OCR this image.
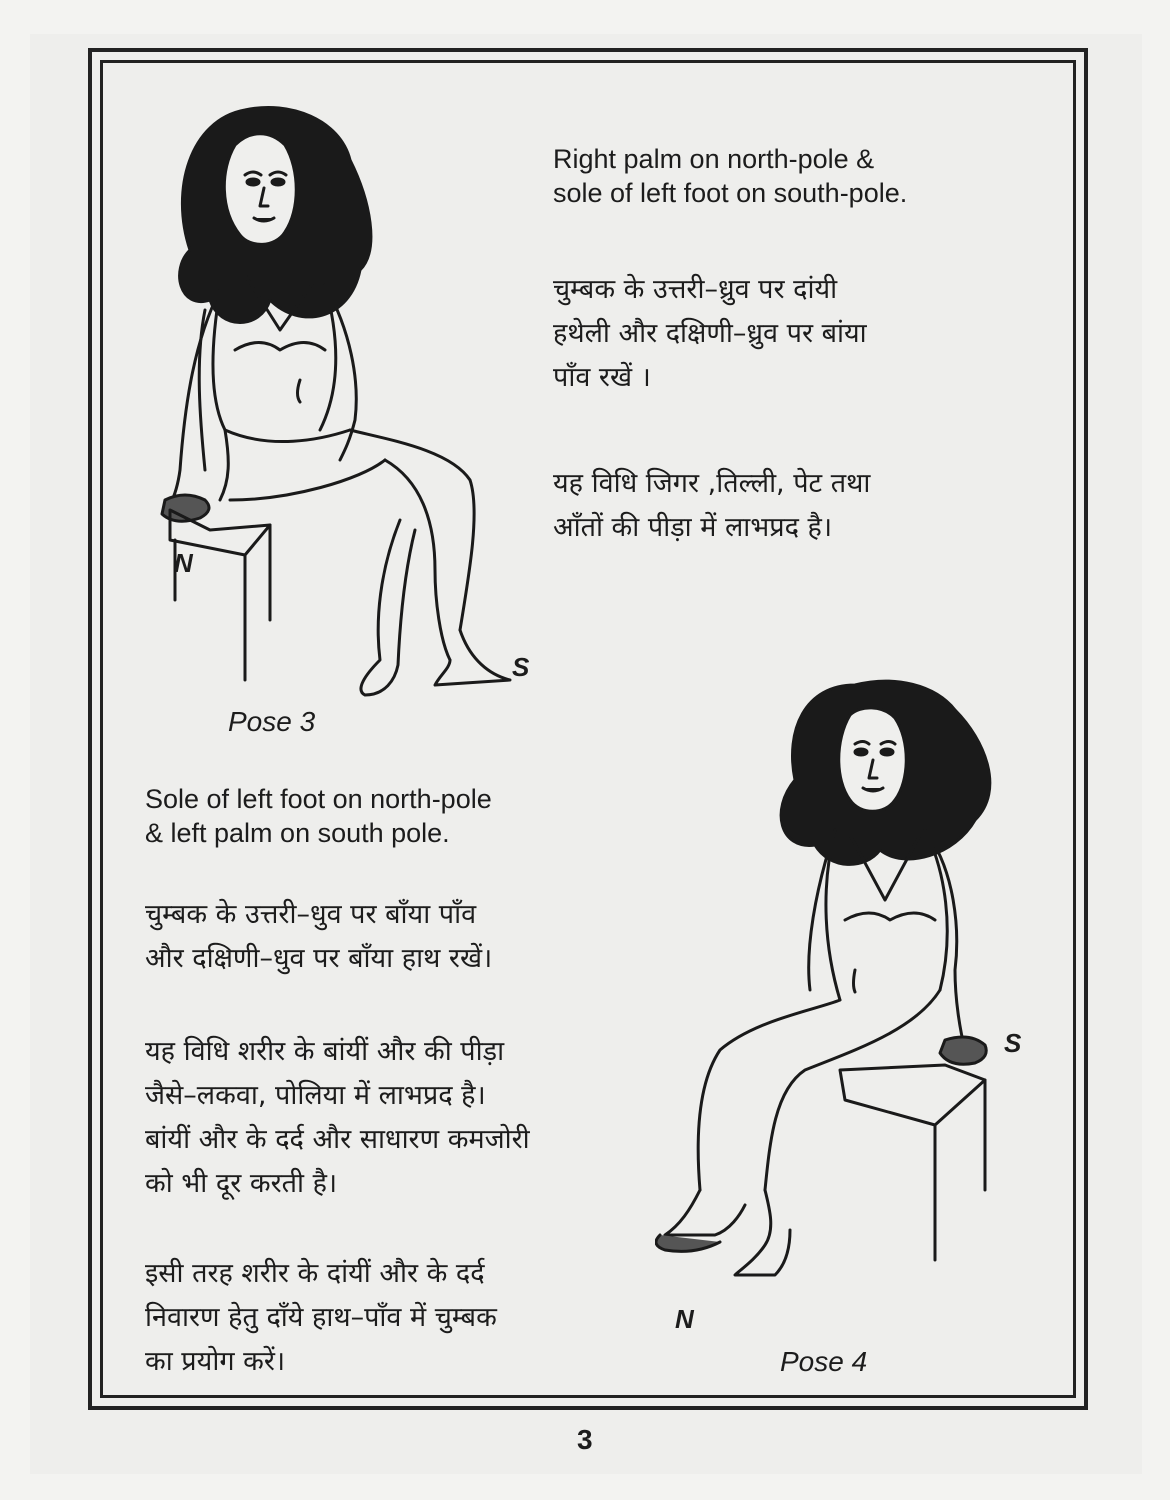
N
S
Pose 3
Right palm on north-pole &
sole of left foot on south-pole.
चुम्बक के उत्तरी–ध्रुव पर दांयी
हथेली और दक्षिणी–ध्रुव पर बांया
पाँव रखें ।
यह विधि जिगर ,तिल्ली, पेट तथा
आँतों की पीड़ा में लाभप्रद है।
Sole of left foot on north-pole
& left palm on south pole.
चुम्बक के उत्तरी–धुव पर बाँया पाँव
और दक्षिणी–धुव पर बाँया हाथ रखें।
यह विधि शरीर के बांयीं और की पीड़ा
जैसे–लकवा, पोलिया में लाभप्रद है।
बांयीं और के दर्द और साधारण कमजोरी
को भी दूर करती है।
इसी तरह शरीर के दांयीं और के दर्द
निवारण हेतु दाँये हाथ–पाँव में चुम्बक
का प्रयोग करें।
N
S
Pose 4
3
